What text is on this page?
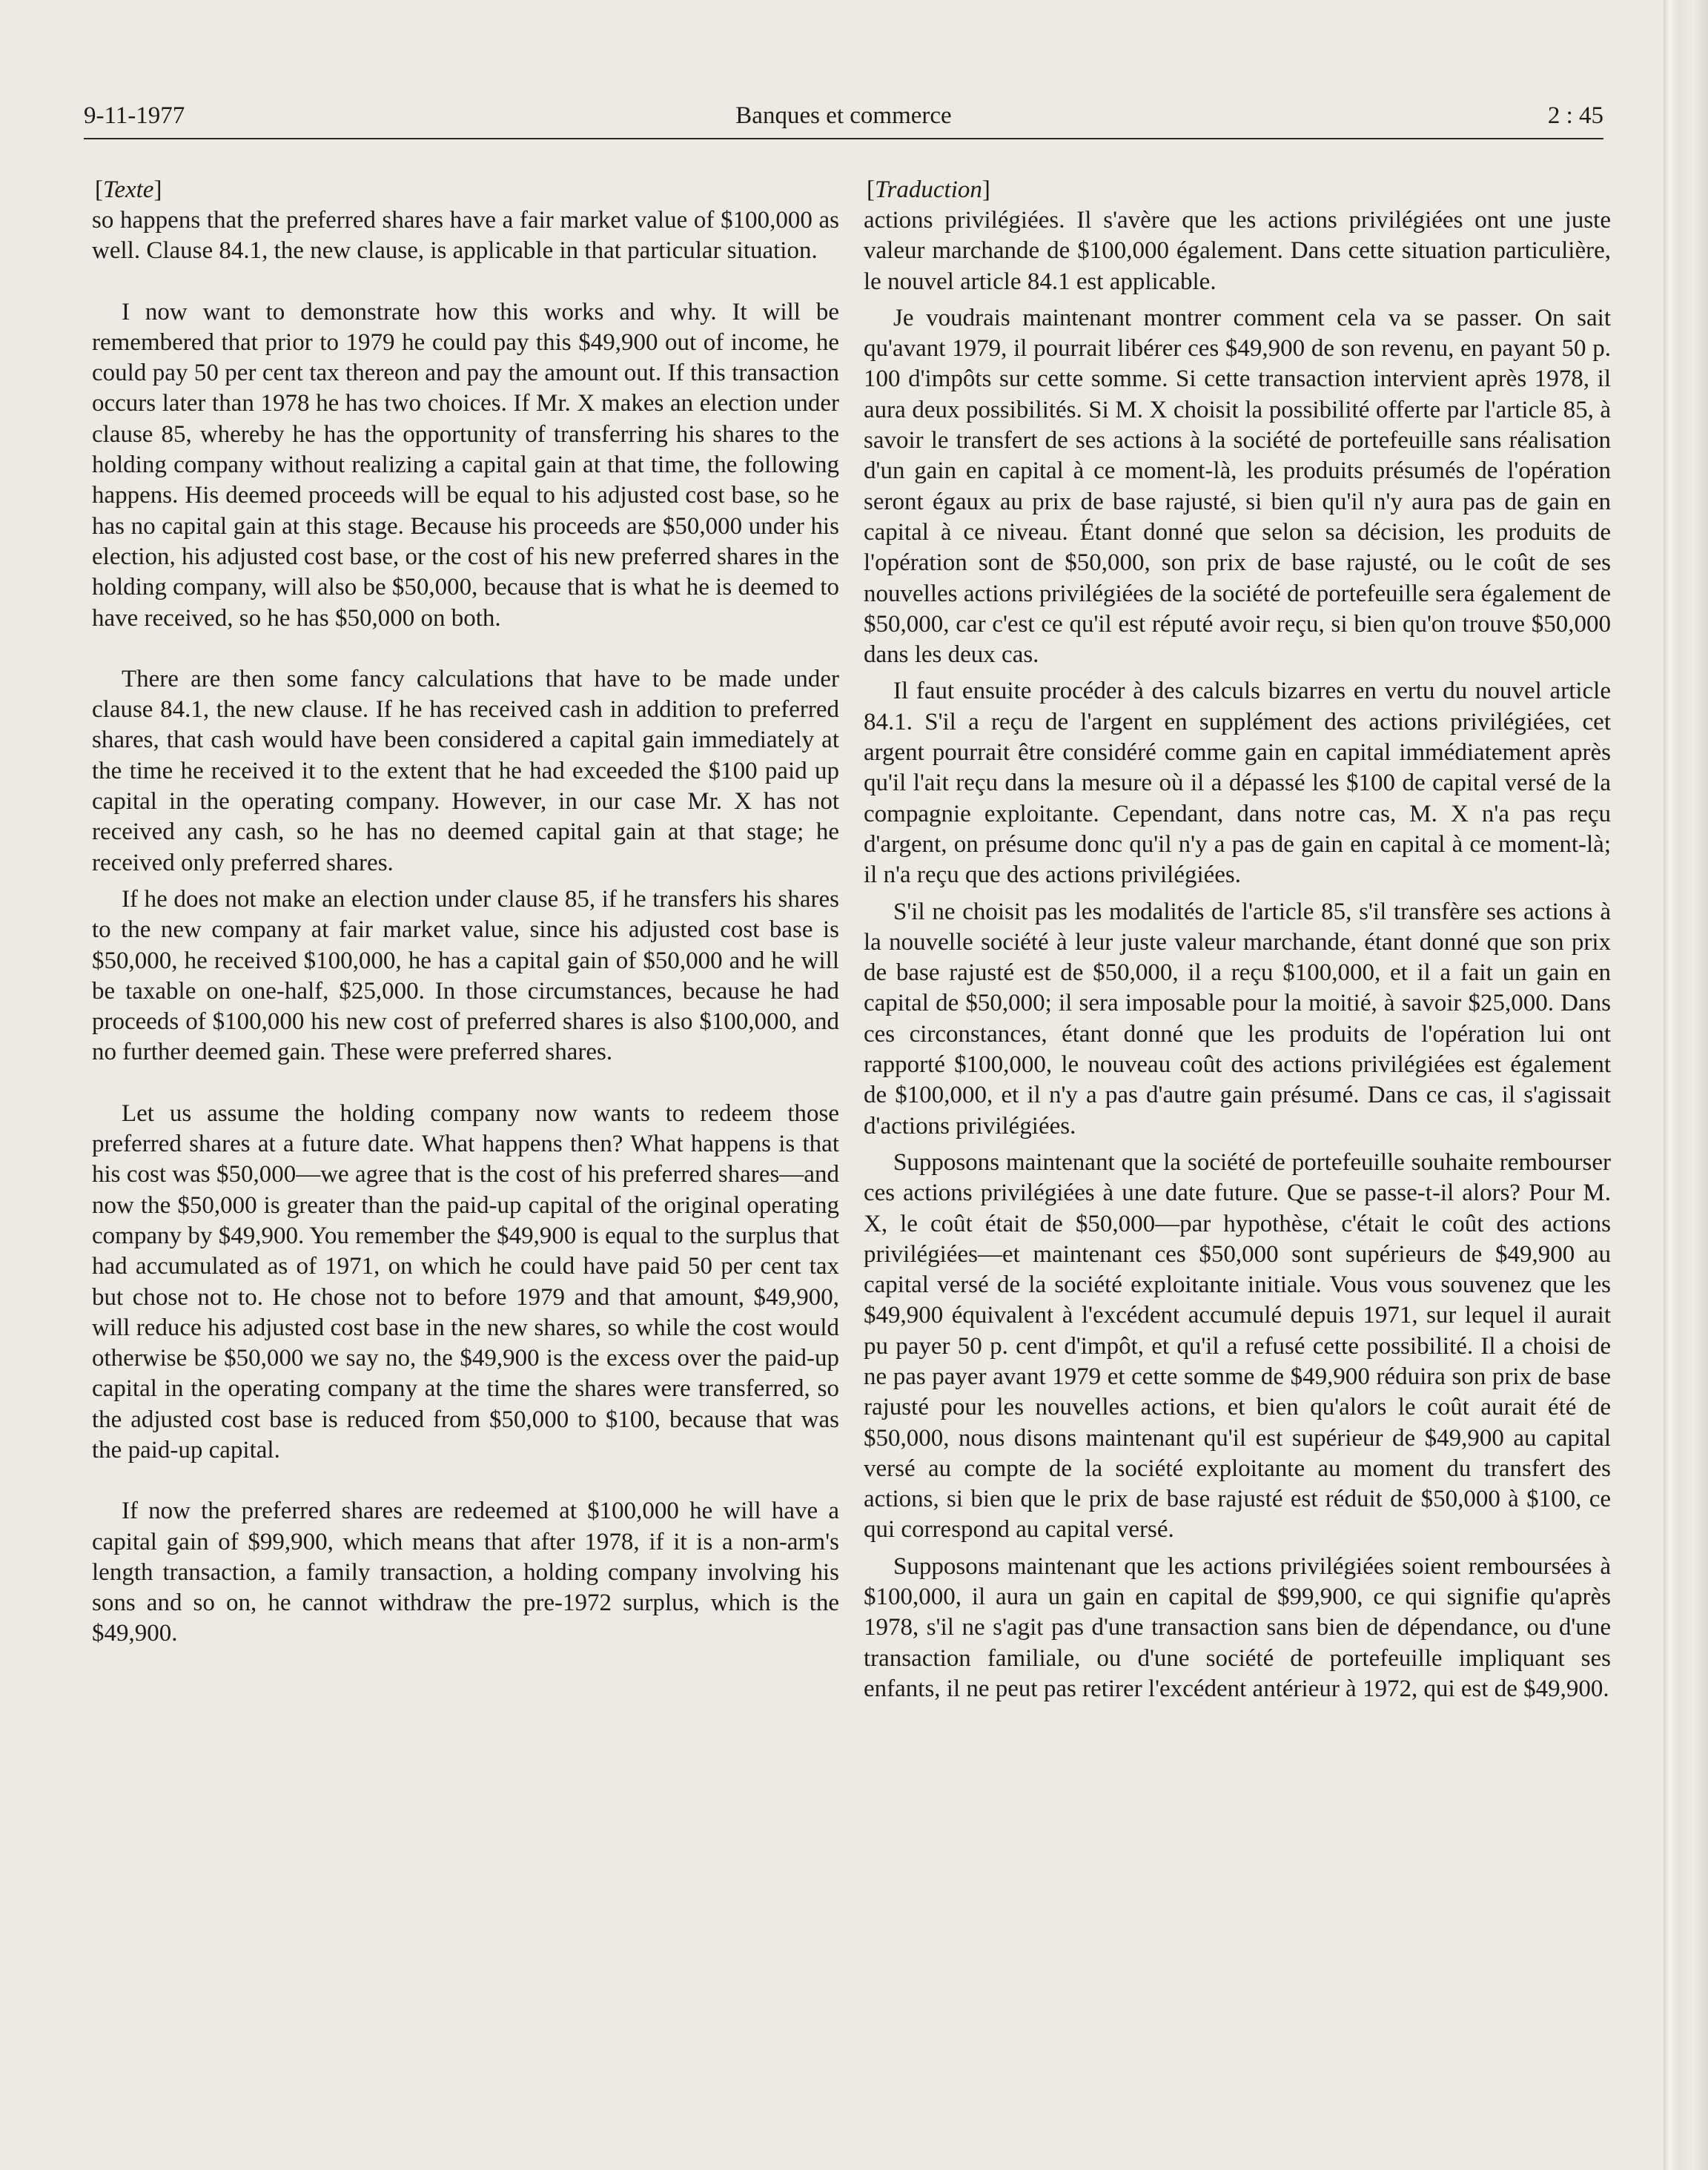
9-11-1977	Banques et commerce	2 : 45
[Texte]

so happens that the preferred shares have a fair market value of $100,000 as well. Clause 84.1, the new clause, is applicable in that particular situation.

I now want to demonstrate how this works and why. It will be remembered that prior to 1979 he could pay this $49,900 out of income, he could pay 50 per cent tax thereon and pay the amount out. If this transaction occurs later than 1978 he has two choices. If Mr. X makes an election under clause 85, whereby he has the opportunity of transferring his shares to the holding company without realizing a capital gain at that time, the following happens. His deemed proceeds will be equal to his adjusted cost base, so he has no capital gain at this stage. Because his proceeds are $50,000 under his election, his adjusted cost base, or the cost of his new preferred shares in the holding company, will also be $50,000, because that is what he is deemed to have received, so he has $50,000 on both.

There are then some fancy calculations that have to be made under clause 84.1, the new clause. If he has received cash in addition to preferred shares, that cash would have been considered a capital gain immediately at the time he received it to the extent that he had exceeded the $100 paid up capital in the operating company. However, in our case Mr. X has not received any cash, so he has no deemed capital gain at that stage; he received only preferred shares.

If he does not make an election under clause 85, if he transfers his shares to the new company at fair market value, since his adjusted cost base is $50,000, he received $100,000, he has a capital gain of $50,000 and he will be taxable on one-half, $25,000. In those circumstances, because he had proceeds of $100,000 his new cost of preferred shares is also $100,000, and no further deemed gain. These were preferred shares.

Let us assume the holding company now wants to redeem those preferred shares at a future date. What happens then? What happens is that his cost was $50,000—we agree that is the cost of his preferred shares—and now the $50,000 is greater than the paid-up capital of the original operating company by $49,900. You remember the $49,900 is equal to the surplus that had accumulated as of 1971, on which he could have paid 50 per cent tax but chose not to. He chose not to before 1979 and that amount, $49,900, will reduce his adjusted cost base in the new shares, so while the cost would otherwise be $50,000 we say no, the $49,900 is the excess over the paid-up capital in the operating company at the time the shares were transferred, so the adjusted cost base is reduced from $50,000 to $100, because that was the paid-up capital.

If now the preferred shares are redeemed at $100,000 he will have a capital gain of $99,900, which means that after 1978, if it is a non-arm's length transaction, a family transaction, a holding company involving his sons and so on, he cannot withdraw the pre-1972 surplus, which is the $49,900.

[Traduction]

actions privilégiées. Il s'avère que les actions privilégiées ont une juste valeur marchande de $100,000 également. Dans cette situation particulière, le nouvel article 84.1 est applicable.

Je voudrais maintenant montrer comment cela va se passer. On sait qu'avant 1979, il pourrait libérer ces $49,900 de son revenu, en payant 50 p. 100 d'impôts sur cette somme. Si cette transaction intervient après 1978, il aura deux possibilités. Si M. X choisit la possibilité offerte par l'article 85, à savoir le transfert de ses actions à la société de portefeuille sans réalisation d'un gain en capital à ce moment-là, les produits présumés de l'opération seront égaux au prix de base rajusté, si bien qu'il n'y aura pas de gain en capital à ce niveau. Étant donné que selon sa décision, les produits de l'opération sont de $50,000, son prix de base rajusté, ou le coût de ses nouvelles actions privilégiées de la société de portefeuille sera également de $50,000, car c'est ce qu'il est réputé avoir reçu, si bien qu'on trouve $50,000 dans les deux cas.

Il faut ensuite procéder à des calculs bizarres en vertu du nouvel article 84.1. S'il a reçu de l'argent en supplément des actions privilégiées, cet argent pourrait être considéré comme gain en capital immédiatement après qu'il l'ait reçu dans la mesure où il a dépassé les $100 de capital versé de la compagnie exploitante. Cependant, dans notre cas, M. X n'a pas reçu d'argent, on présume donc qu'il n'y a pas de gain en capital à ce moment-là; il n'a reçu que des actions privilégiées.

S'il ne choisit pas les modalités de l'article 85, s'il transfère ses actions à la nouvelle société à leur juste valeur marchande, étant donné que son prix de base rajusté est de $50,000, il a reçu $100,000, et il a fait un gain en capital de $50,000; il sera imposable pour la moitié, à savoir $25,000. Dans ces circonstances, étant donné que les produits de l'opération lui ont rapporté $100,000, le nouveau coût des actions privilégiées est également de $100,000, et il n'y a pas d'autre gain présumé. Dans ce cas, il s'agissait d'actions privilégiées.

Supposons maintenant que la société de portefeuille souhaite rembourser ces actions privilégiées à une date future. Que se passe-t-il alors? Pour M. X, le coût était de $50,000—par hypothèse, c'était le coût des actions privilégiées—et maintenant ces $50,000 sont supérieurs de $49,900 au capital versé de la société exploitante initiale. Vous vous souvenez que les $49,900 équivalent à l'excédent accumulé depuis 1971, sur lequel il aurait pu payer 50 p. cent d'impôt, et qu'il a refusé cette possibilité. Il a choisi de ne pas payer avant 1979 et cette somme de $49,900 réduira son prix de base rajusté pour les nouvelles actions, et bien qu'alors le coût aurait été de $50,000, nous disons maintenant qu'il est supérieur de $49,900 au capital versé au compte de la société exploitante au moment du transfert des actions, si bien que le prix de base rajusté est réduit de $50,000 à $100, ce qui correspond au capital versé.

Supposons maintenant que les actions privilégiées soient remboursées à $100,000, il aura un gain en capital de $99,900, ce qui signifie qu'après 1978, s'il ne s'agit pas d'une transaction sans bien de dépendance, ou d'une transaction familiale, ou d'une société de portefeuille impliquant ses enfants, il ne peut pas retirer l'excédent antérieur à 1972, qui est de $49,900.
